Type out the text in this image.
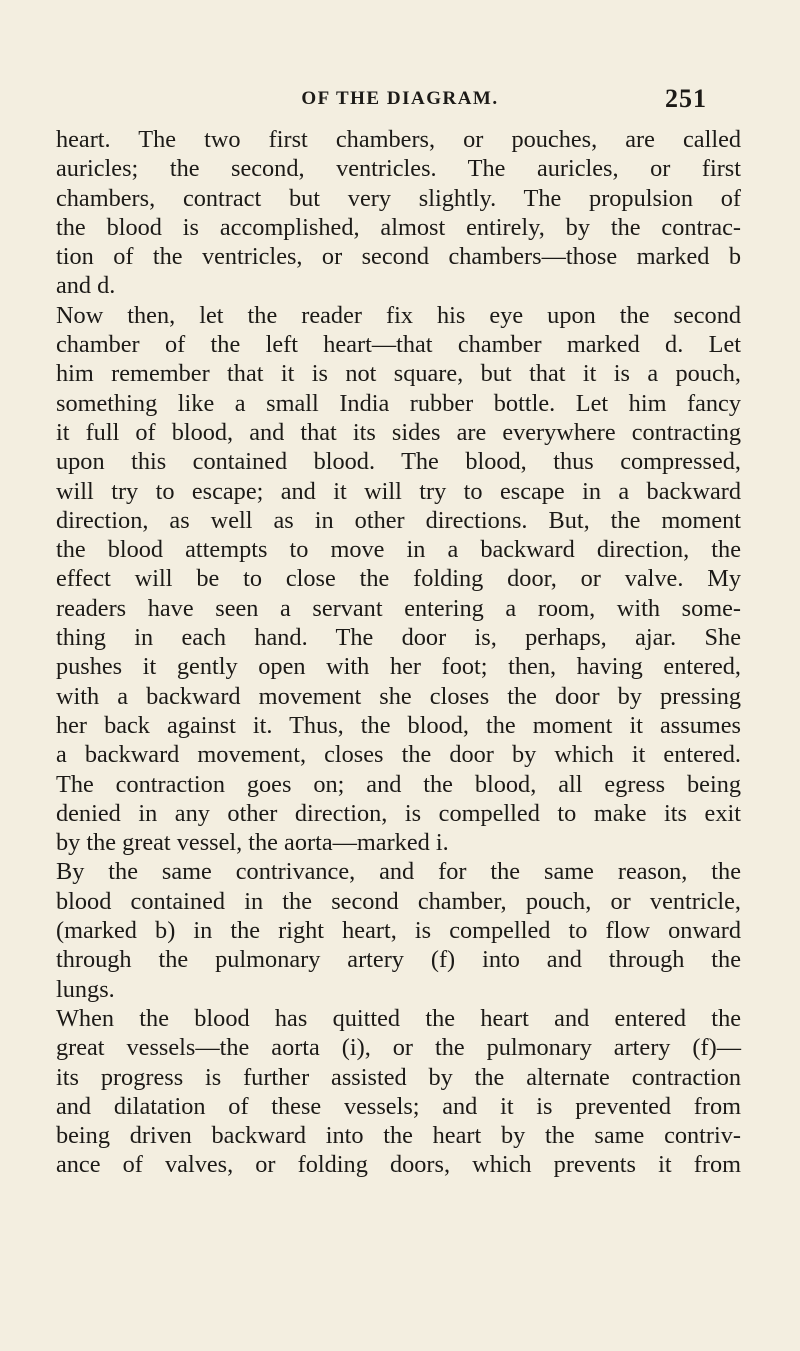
OF THE DIAGRAM.	251
heart. The two first chambers, or pouches, are called
auricles; the second, ventricles. The auricles, or first
chambers, contract but very slightly. The propulsion of
the blood is accomplished, almost entirely, by the contrac-
tion of the ventricles, or second chambers—those marked b
and d.
Now then, let the reader fix his eye upon the second
chamber of the left heart—that chamber marked d. Let
him remember that it is not square, but that it is a pouch,
something like a small India rubber bottle. Let him fancy
it full of blood, and that its sides are everywhere contracting
upon this contained blood. The blood, thus compressed,
will try to escape; and it will try to escape in a backward
direction, as well as in other directions. But, the moment
the blood attempts to move in a backward direction, the
effect will be to close the folding door, or valve. My
readers have seen a servant entering a room, with some-
thing in each hand. The door is, perhaps, ajar. She
pushes it gently open with her foot; then, having entered,
with a backward movement she closes the door by pressing
her back against it. Thus, the blood, the moment it assumes
a backward movement, closes the door by which it entered.
The contraction goes on; and the blood, all egress being
denied in any other direction, is compelled to make its exit
by the great vessel, the aorta—marked i.
By the same contrivance, and for the same reason, the
blood contained in the second chamber, pouch, or ventricle,
(marked b) in the right heart, is compelled to flow onward
through the pulmonary artery (f) into and through the
lungs.
When the blood has quitted the heart and entered the
great vessels—the aorta (i), or the pulmonary artery (f)—
its progress is further assisted by the alternate contraction
and dilatation of these vessels; and it is prevented from
being driven backward into the heart by the same contriv-
ance of valves, or folding doors, which prevents it from
